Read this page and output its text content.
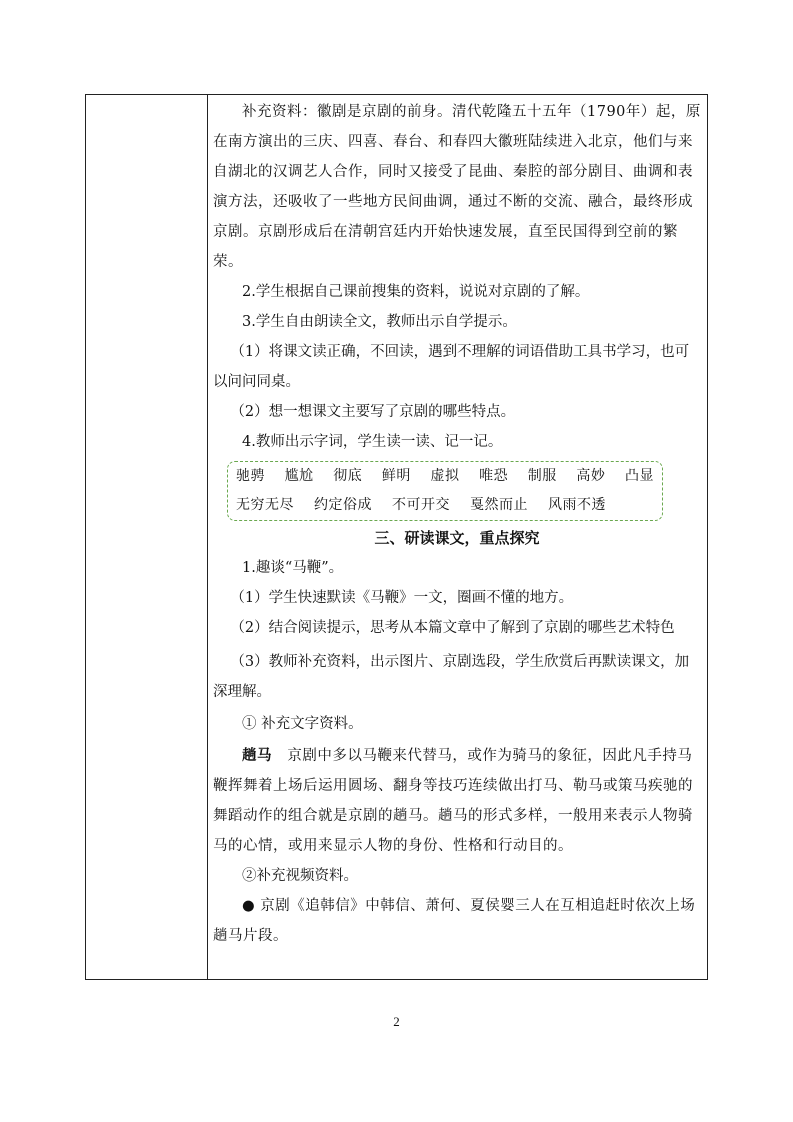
补充资料：徽剧是京剧的前身。清代乾隆五十五年（1790年）起，原在南方演出的三庆、四喜、春台、和春四大徽班陆续进入北京，他们与来自湖北的汉调艺人合作，同时又接受了昆曲、秦腔的部分剧目、曲调和表演方法，还吸收了一些地方民间曲调，通过不断的交流、融合，最终形成京剧。京剧形成后在清朝宫廷内开始快速发展，直至民国得到空前的繁荣。

2.学生根据自己课前搜集的资料，说说对京剧的了解。

3.学生自由朗读全文，教师出示自学提示。

（1）将课文读正确，不回读，遇到不理解的词语借助工具书学习，也可以问问同桌。

（2）想一想课文主要写了京剧的哪些特点。

4.教师出示字词，学生读一读、记一记。

驰骋 尴尬 彻底 鲜明 虚拟 唯恐 制服 高妙 凸显
无穷无尽 约定俗成 不可开交 戛然而止 风雨不透

三、研读课文，重点探究

1.趣谈“马鞭”。

（1）学生快速默读《马鞭》一文，圈画不懂的地方。

（2）结合阅读提示，思考从本篇文章中了解到了京剧的哪些艺术特色

（3）教师补充资料，出示图片、京剧选段，学生欣赏后再默读课文，加深理解。

① 补充文字资料。

趟马 京剧中多以马鞭来代替马，或作为骑马的象征，因此凡手持马鞭挥舞着上场后运用圆场、翻身等技巧连续做出打马、勒马或策马疾驰的舞蹈动作的组合就是京剧的趟马。趟马的形式多样，一般用来表示人物骑马的心情，或用来显示人物的身份、性格和行动目的。

②补充视频资料。

● 京剧《追韩信》中韩信、萧何、夏侯婴三人在互相追赶时依次上场趟马片段。

2
